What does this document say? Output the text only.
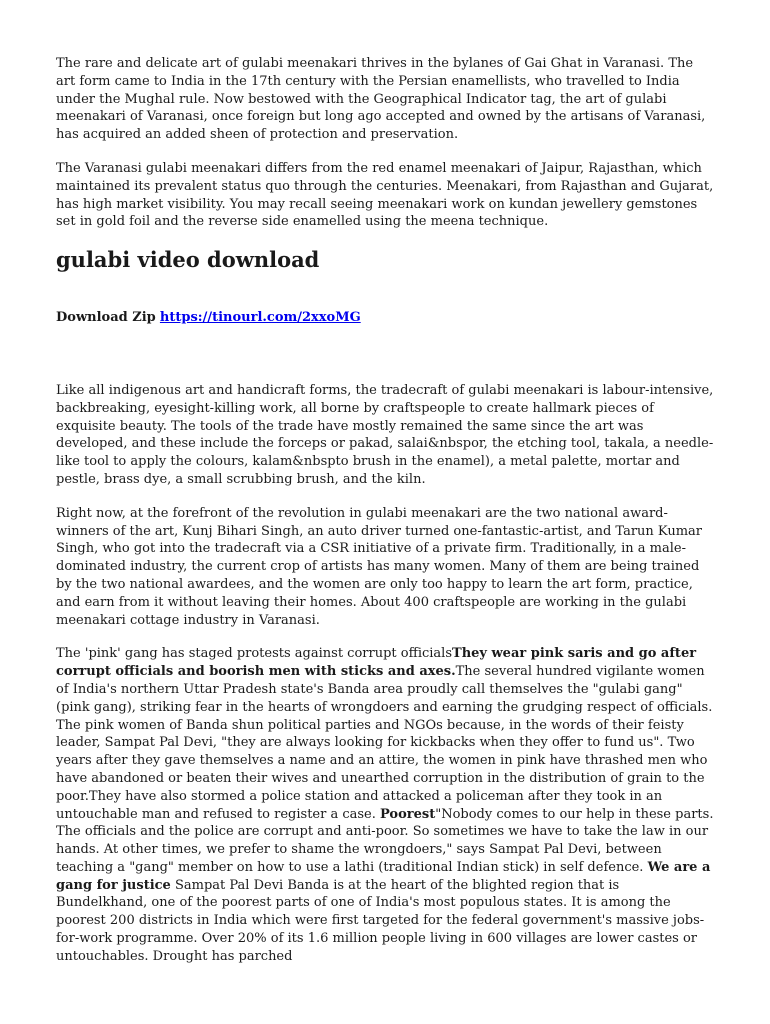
The rare and delicate art of gulabi meenakari thrives in the bylanes of Gai Ghat in Varanasi. The art form came to India in the 17th century with the Persian enamellists, who travelled to India under the Mughal rule. Now bestowed with the Geographical Indicator tag, the art of gulabi meenakari of Varanasi, once foreign but long ago accepted and owned by the artisans of Varanasi, has acquired an added sheen of protection and preservation.

The Varanasi gulabi meenakari differs from the red enamel meenakari of Jaipur, Rajasthan, which maintained its prevalent status quo through the centuries. Meenakari, from Rajasthan and Gujarat, has high market visibility. You may recall seeing meenakari work on kundan jewellery gemstones set in gold foil and the reverse side enamelled using the meena technique.

gulabi video download

Download Zip https://tinourl.com/2xxoMG

Like all indigenous art and handicraft forms, the tradecraft of gulabi meenakari is labour-intensive, backbreaking, eyesight-killing work, all borne by craftspeople to create hallmark pieces of exquisite beauty. The tools of the trade have mostly remained the same since the art was developed, and these include the forceps or pakad, salai&nbspor, the etching tool, takala, a needle-like tool to apply the colours, kalam&nbspto brush in the enamel), a metal palette, mortar and pestle, brass dye, a small scrubbing brush, and the kiln.

Right now, at the forefront of the revolution in gulabi meenakari are the two national award-winners of the art, Kunj Bihari Singh, an auto driver turned one-fantastic-artist, and Tarun Kumar Singh, who got into the tradecraft via a CSR initiative of a private firm. Traditionally, in a male-dominated industry, the current crop of artists has many women. Many of them are being trained by the two national awardees, and the women are only too happy to learn the art form, practice, and earn from it without leaving their homes. About 400 craftspeople are working in the gulabi meenakari cottage industry in Varanasi.

The 'pink' gang has staged protests against corrupt officialsThey wear pink saris and go after corrupt officials and boorish men with sticks and axes.The several hundred vigilante women of India's northern Uttar Pradesh state's Banda area proudly call themselves the "gulabi gang" (pink gang), striking fear in the hearts of wrongdoers and earning the grudging respect of officials. The pink women of Banda shun political parties and NGOs because, in the words of their feisty leader, Sampat Pal Devi, "they are always looking for kickbacks when they offer to fund us". Two years after they gave themselves a name and an attire, the women in pink have thrashed men who have abandoned or beaten their wives and unearthed corruption in the distribution of grain to the poor.They have also stormed a police station and attacked a policeman after they took in an untouchable man and refused to register a case. Poorest"Nobody comes to our help in these parts. The officials and the police are corrupt and anti-poor. So sometimes we have to take the law in our hands. At other times, we prefer to shame the wrongdoers," says Sampat Pal Devi, between teaching a "gang" member on how to use a lathi (traditional Indian stick) in self defence. We are a gang for justice Sampat Pal Devi Banda is at the heart of the blighted region that is Bundelkhand, one of the poorest parts of one of India's most populous states. It is among the poorest 200 districts in India which were first targeted for the federal government's massive jobs-for-work programme. Over 20% of its 1.6 million people living in 600 villages are lower castes or untouchables. Drought has parched
